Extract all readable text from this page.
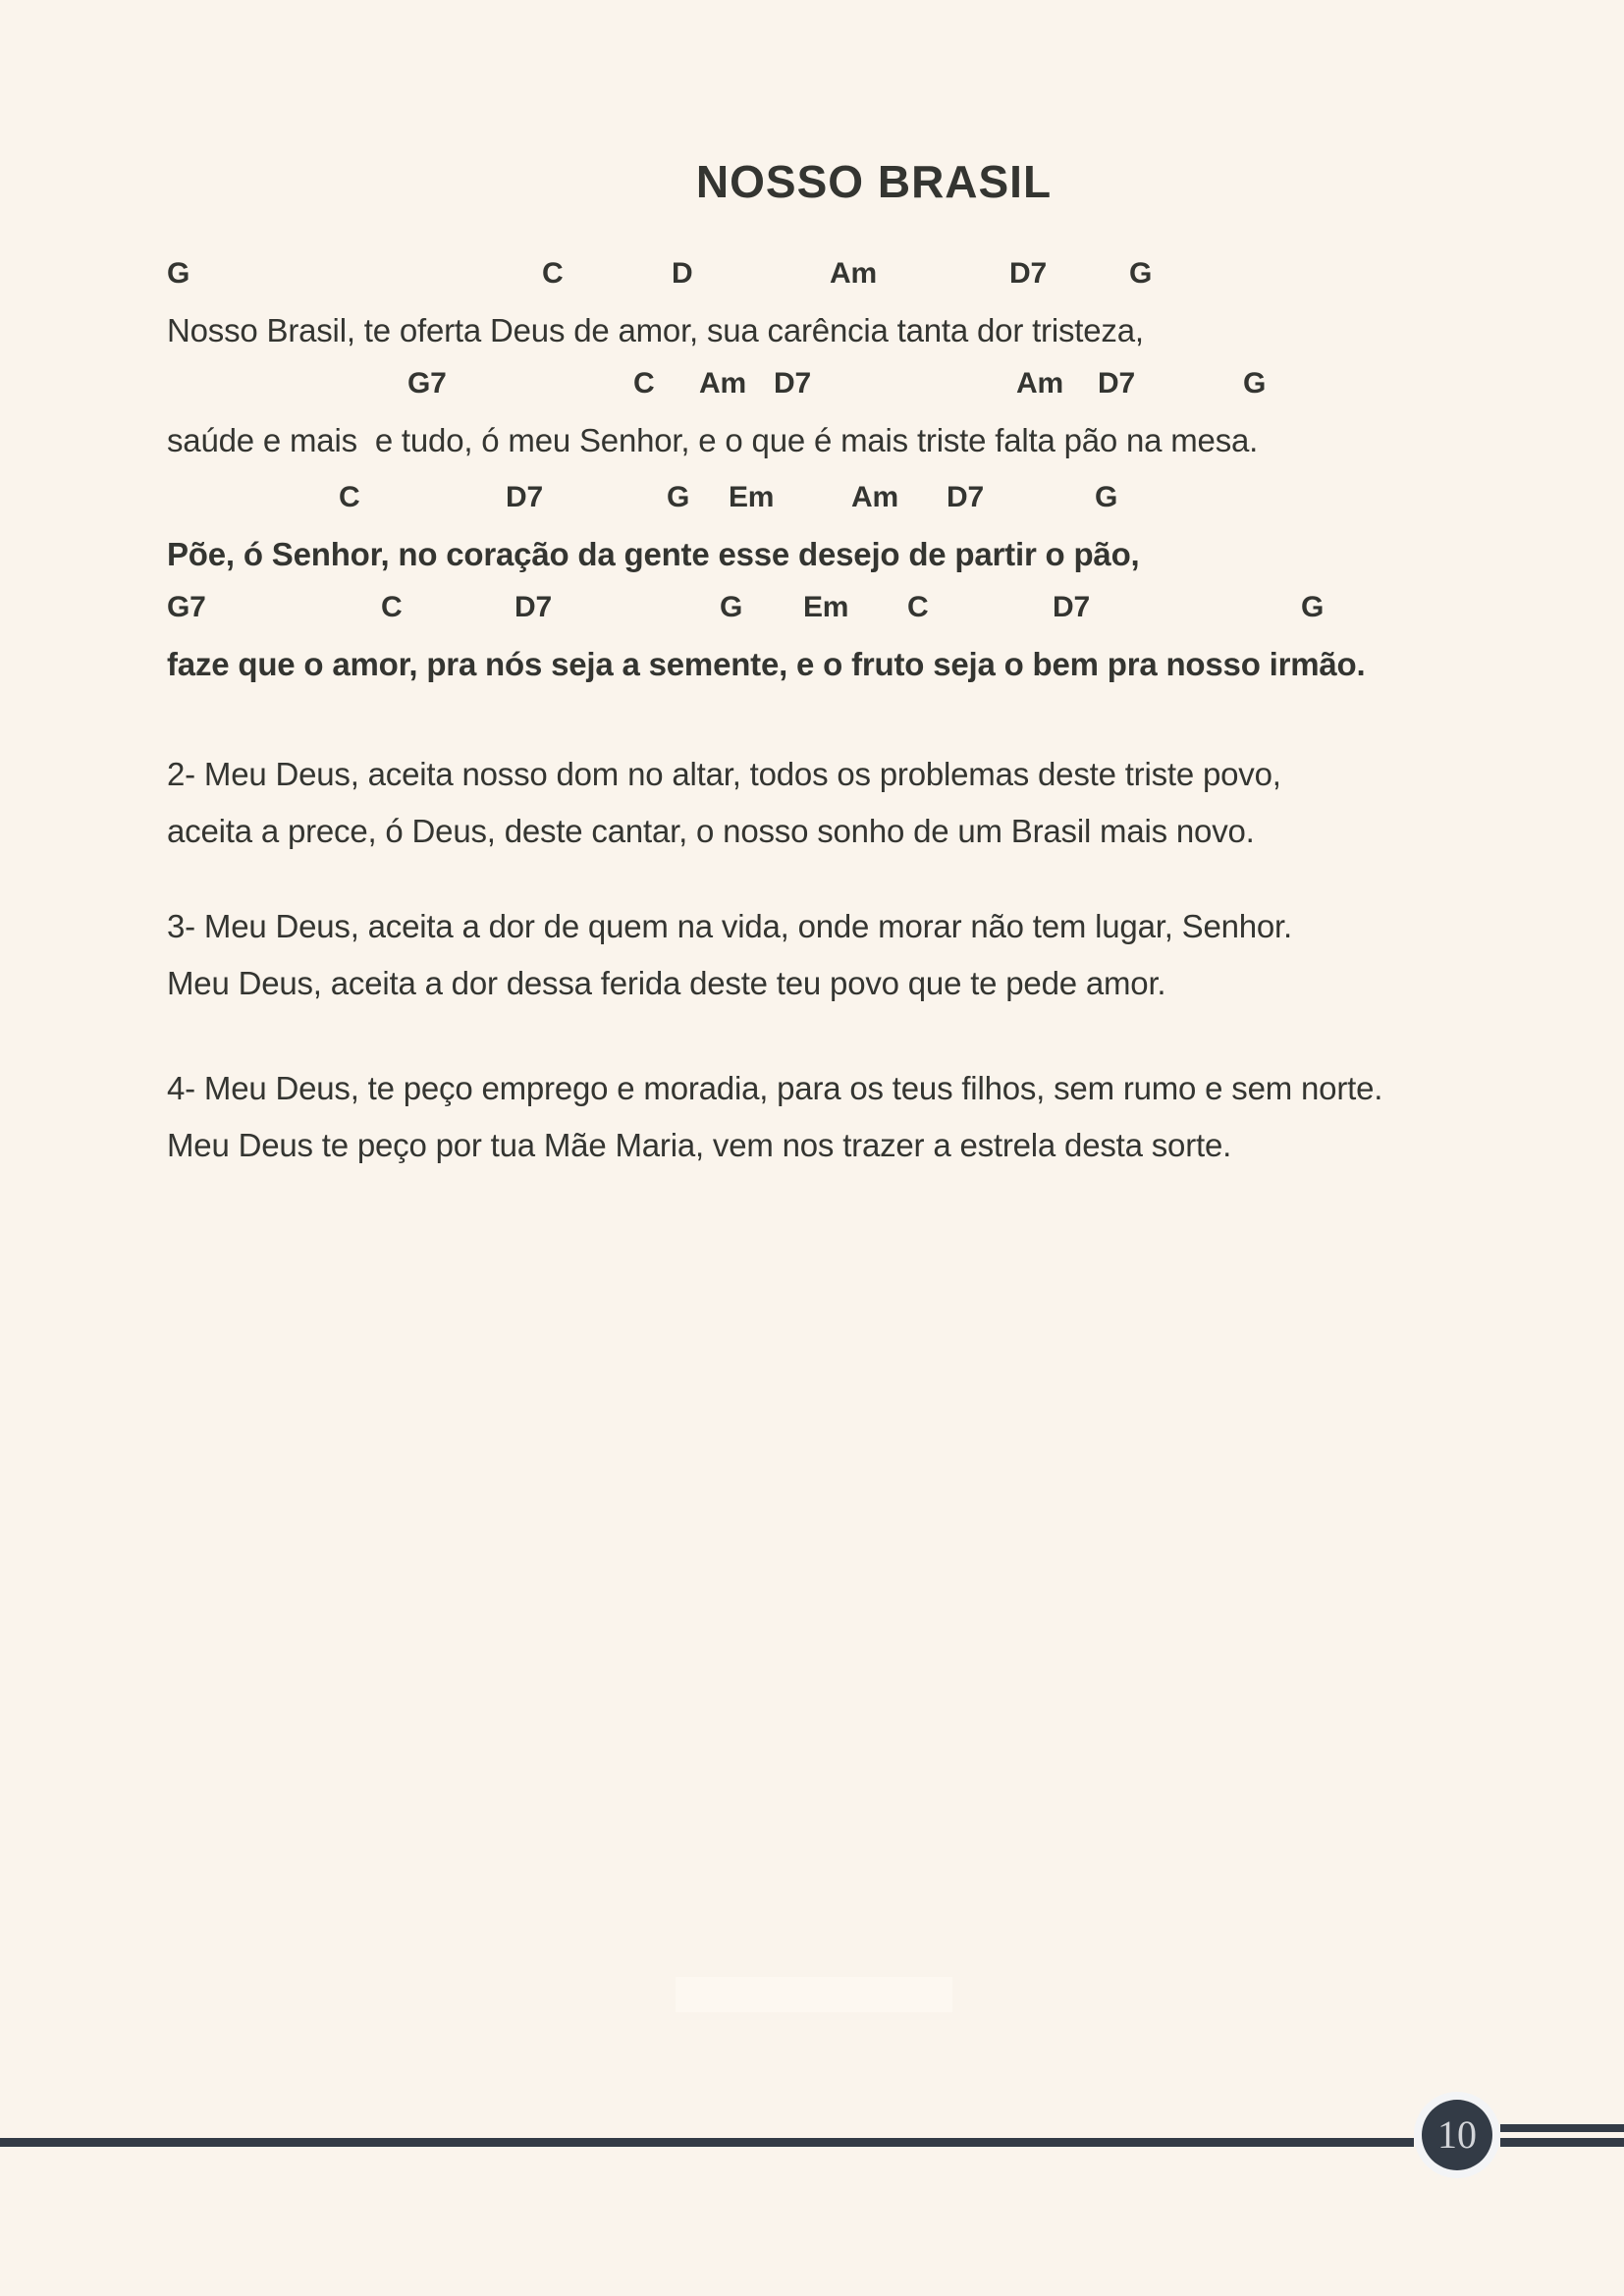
NOSSO BRASIL
G	C	D	Am	D7	G
Nosso Brasil, te oferta Deus de amor, sua carência tanta dor tristeza,
G7	C Am D7	Am D7	G
saúde e mais  e tudo, ó meu Senhor, e o que é mais triste falta pão na mesa.
C	D7	G Em	Am D7	G
Põe, ó Senhor, no coração da gente esse desejo de partir o pão,
G7	C	D7	G Em C	D7	G
faze que o amor, pra nós seja a semente, e o fruto seja o bem pra nosso irmão.
2- Meu Deus, aceita nosso dom no altar, todos os problemas deste triste povo,
aceita a prece, ó Deus, deste cantar, o nosso sonho de um Brasil mais novo.
3- Meu Deus, aceita a dor de quem na vida, onde morar não tem lugar, Senhor.
Meu Deus, aceita a dor dessa ferida deste teu povo que te pede amor.
4- Meu Deus, te peço emprego e moradia, para os teus filhos, sem rumo e sem norte.
Meu Deus te peço por tua Mãe Maria, vem nos trazer a estrela desta sorte.
10
